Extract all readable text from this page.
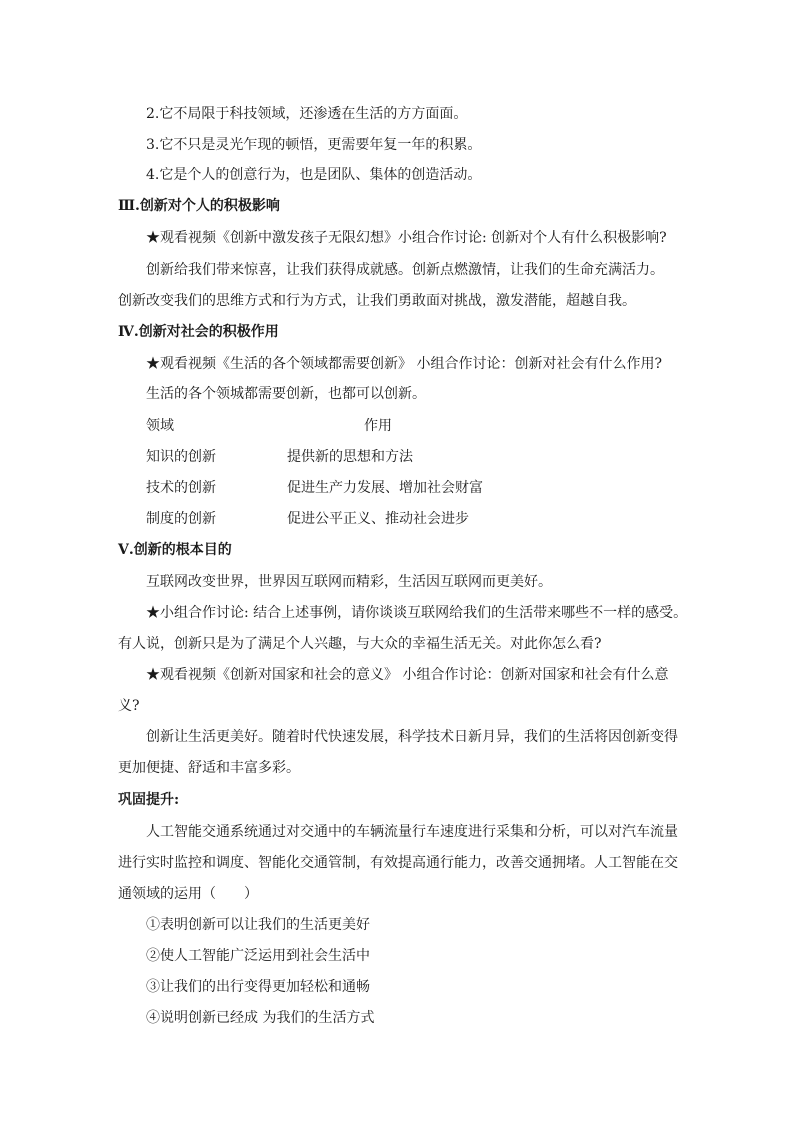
2.它不局限于科技领域，还渗透在生活的方方面面。
3.它不只是灵光乍现的顿悟，更需要年复一年的积累。
4.它是个人的创意行为，也是团队、集体的创造活动。
Ⅲ.创新对个人的积极影响
★观看视频《创新中激发孩子无限幻想》小组合作讨论: 创新对个人有什么积极影响?
创新给我们带来惊喜，让我们获得成就感。创新点燃激情，让我们的生命充满活力。
创新改变我们的思维方式和行为方式，让我们勇敢面对挑战，激发潜能，超越自我。
Ⅳ.创新对社会的积极作用
★观看视频《生活的各个领域都需要创新》 小组合作讨论：创新对社会有什么作用?
生活的各个领城都需要创新，也都可以创新。
领域	作用
知识的创新	提供新的思想和方法
技术的创新	促进生产力发展、增加社会财富
制度的创新	促进公平正义、推动社会进步
Ⅴ.创新的根本目的
互联网改变世界，世界因互联网而精彩，生活因互联网而更美好。
★小组合作讨论: 结合上述事例，请你谈谈互联网给我们的生活带来哪些不一样的感受。
有人说，创新只是为了满足个人兴趣，与大众的幸福生活无关。对此你怎么看?
★观看视频《创新对国家和社会的意义》 小组合作讨论：创新对国家和社会有什么意
义?
创新让生活更美好。随着时代快速发展，科学技术日新月异，我们的生活将因创新变得
更加便捷、舒适和丰富多彩。
巩固提升:
人工智能交通系统通过对交通中的车辆流量行车速度进行采集和分析，可以对汽车流量
进行实时监控和调度、智能化交通管制，有效提高通行能力，改善交通拥堵。人工智能在交
通领域的运用（　　）
①表明创新可以让我们的生活更美好
②使人工智能广泛运用到社会生活中
③让我们的出行变得更加轻松和通畅
④说明创新已经成 为我们的生活方式
